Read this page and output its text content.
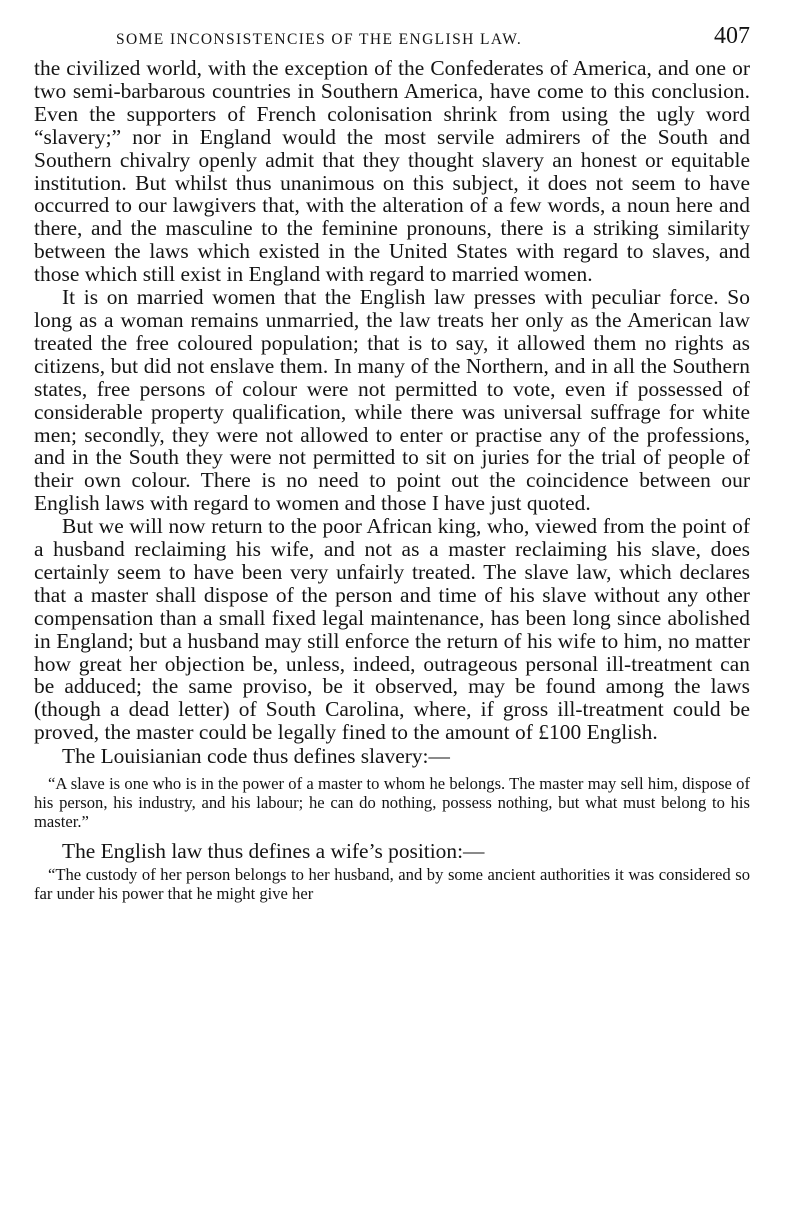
SOME INCONSISTENCIES OF THE ENGLISH LAW.	407

the civilized world, with the exception of the Confederates of America, and one or two semi-barbarous countries in Southern America, have come to this conclusion. Even the supporters of French colonisation shrink from using the ugly word “slavery;” nor in England would the most servile admirers of the South and Southern chivalry openly admit that they thought slavery an honest or equitable institution. But whilst thus unanimous on this subject, it does not seem to have occurred to our lawgivers that, with the alteration of a few words, a noun here and there, and the masculine to the feminine pronouns, there is a striking similarity between the laws which existed in the United States with regard to slaves, and those which still exist in England with regard to married women.

It is on married women that the English law presses with peculiar force. So long as a woman remains unmarried, the law treats her only as the American law treated the free coloured population; that is to say, it allowed them no rights as citizens, but did not enslave them. In many of the Northern, and in all the Southern states, free persons of colour were not permitted to vote, even if possessed of considerable property qualification, while there was universal suffrage for white men; secondly, they were not allowed to enter or practise any of the professions, and in the South they were not permitted to sit on juries for the trial of people of their own colour. There is no need to point out the coincidence between our English laws with regard to women and those I have just quoted.

But we will now return to the poor African king, who, viewed from the point of a husband reclaiming his wife, and not as a master reclaiming his slave, does certainly seem to have been very unfairly treated. The slave law, which declares that a master shall dispose of the person and time of his slave without any other compensation than a small fixed legal maintenance, has been long since abolished in England; but a husband may still enforce the return of his wife to him, no matter how great her objection be, unless, indeed, outrageous personal ill-treatment can be adduced; the same proviso, be it observed, may be found among the laws (though a dead letter) of South Carolina, where, if gross ill-treatment could be proved, the master could be legally fined to the amount of £100 English.

The Louisianian code thus defines slavery:—

“A slave is one who is in the power of a master to whom he belongs. The master may sell him, dispose of his person, his industry, and his labour; he can do nothing, possess nothing, but what must belong to his master.”

The English law thus defines a wife’s position:—

“The custody of her person belongs to her husband, and by some ancient authorities it was considered so far under his power that he might give her
